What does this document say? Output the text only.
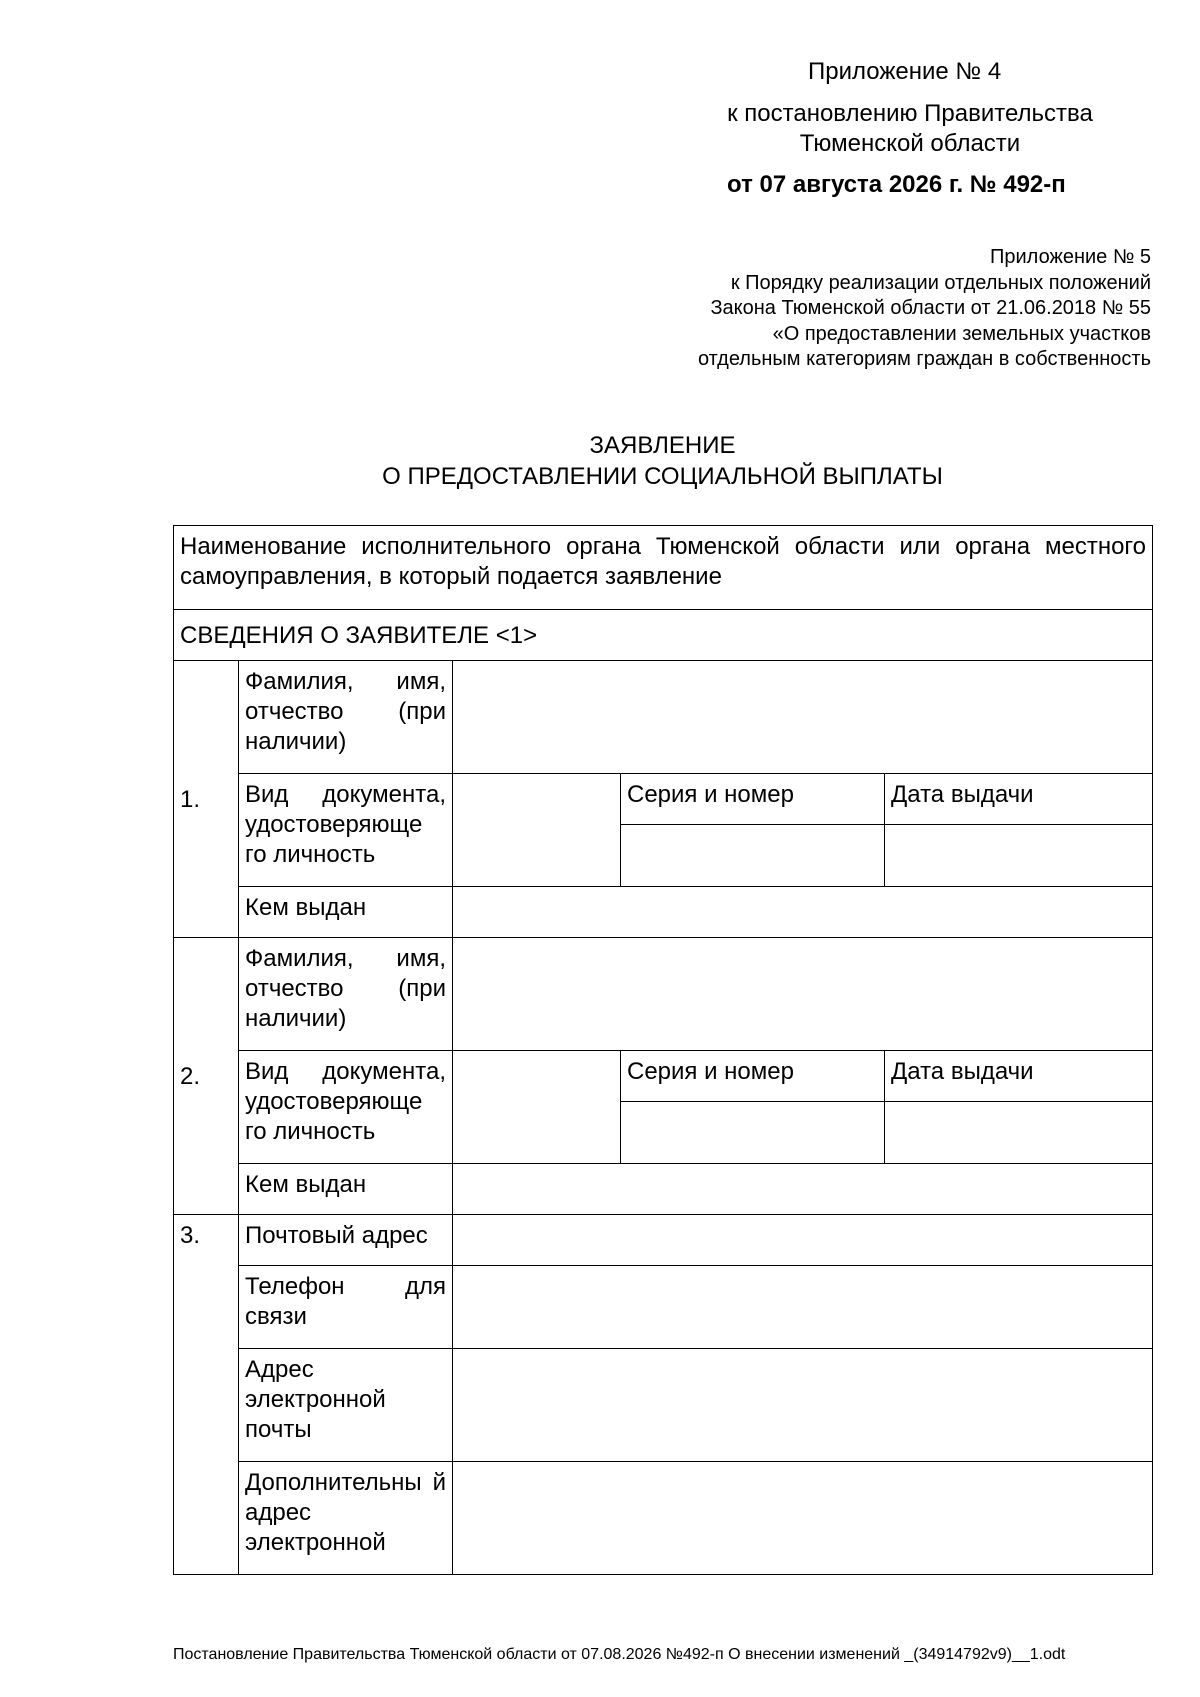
Приложение № 4
к постановлению Правительства
Тюменской области
от 07 августа 2026 г. № 492-п
Приложение № 5
к Порядку реализации отдельных положений
Закона Тюменской области от 21.06.2018 № 55
«О предоставлении земельных участков
отдельным категориям граждан в собственность
ЗАЯВЛЕНИЕ
О ПРЕДОСТАВЛЕНИИ СОЦИАЛЬНОЙ ВЫПЛАТЫ
Наименование исполнительного органа Тюменской области или органа местного самоуправления, в который подается заявление				
СВЕДЕНИЯ О ЗАЯВИТЕЛЕ <1>				
1.	Фамилия, имя, отчество (при наличии)			
	Вид документа, удостоверяюще го личность		Серия и номер	Дата выдачи

	Кем выдан			
2.	Фамилия, имя, отчество (при наличии)			
	Вид документа, удостоверяюще го личность		Серия и номер	Дата выдачи

	Кем выдан			
3.	Почтовый адрес			
	Телефон для связи			
	Адрес электронной почты			
	Дополнительны й адрес электронной			
Постановление Правительства Тюменской области от 07.08.2026 №492-п О внесении изменений _(34914792v9)__1.odt
